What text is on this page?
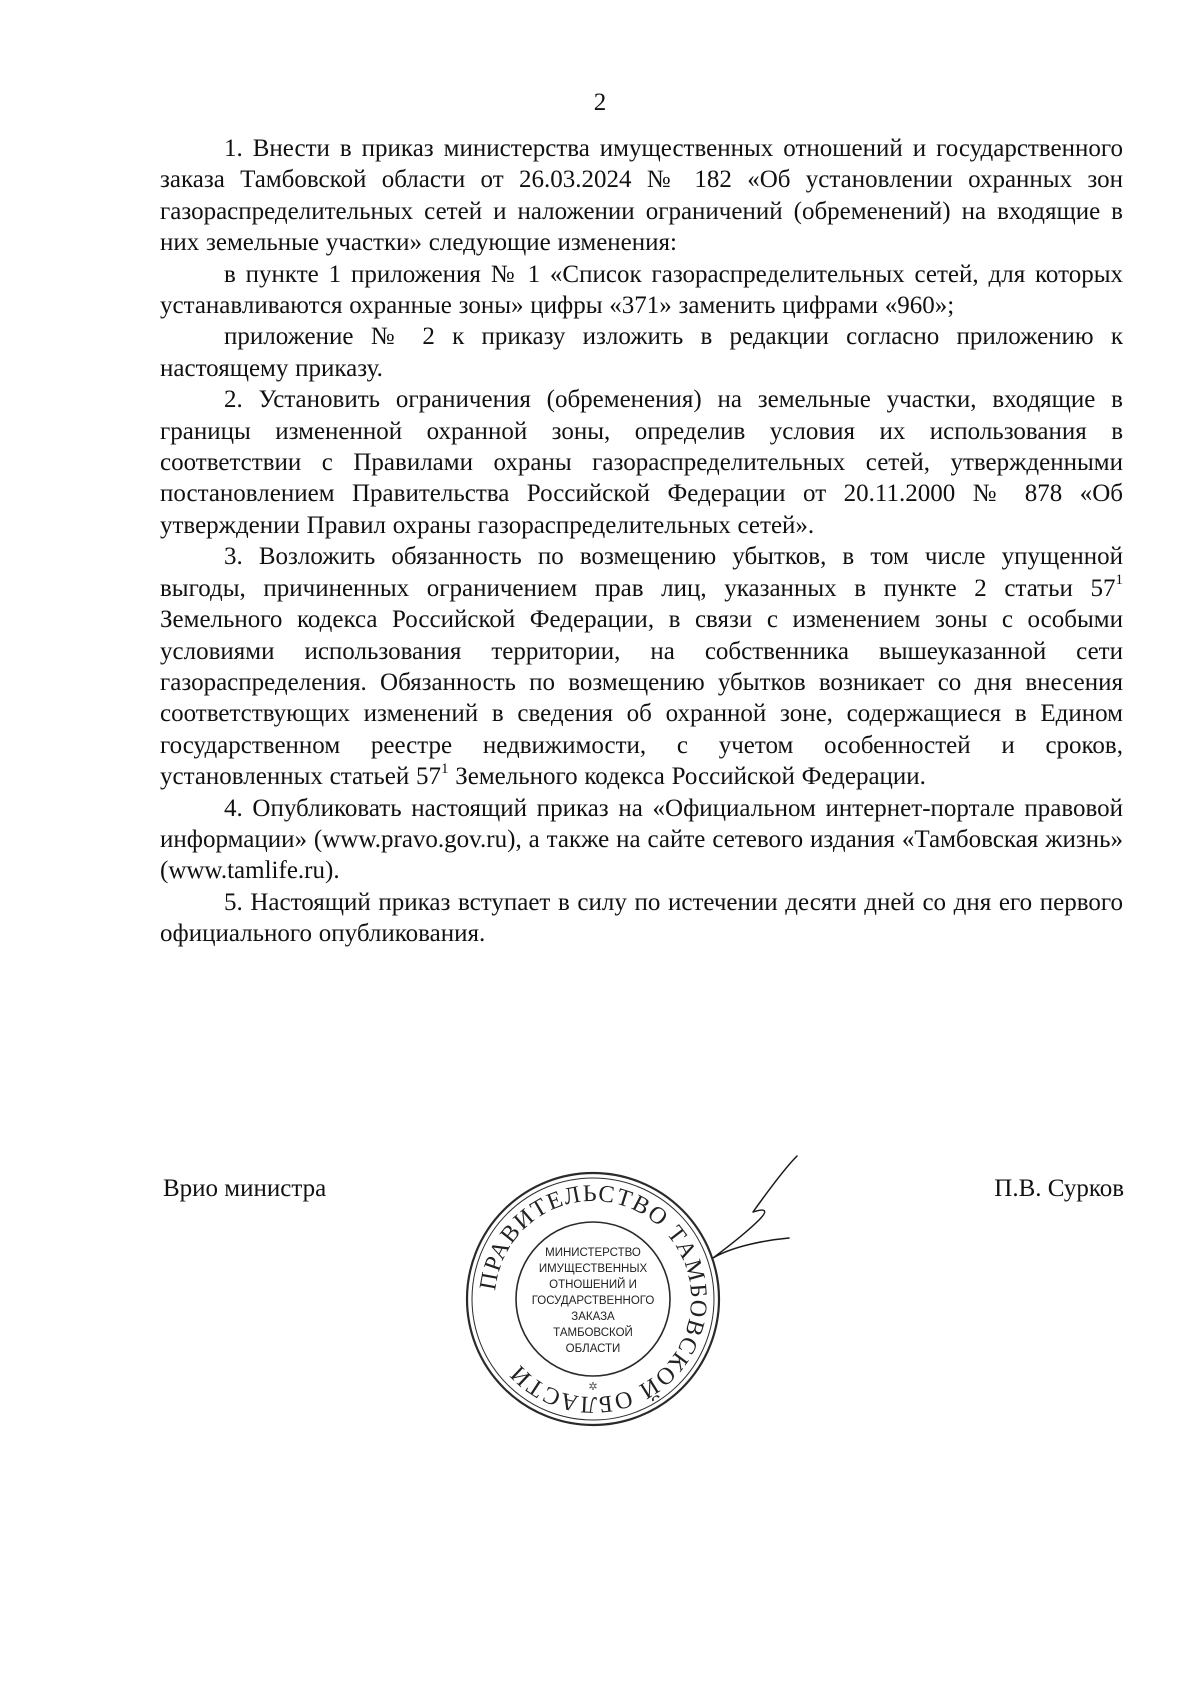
2

1. Внести в приказ министерства имущественных отношений и государственного заказа Тамбовской области от 26.03.2024 № 182 «Об установлении охранных зон газораспределительных сетей и наложении ограничений (обременений) на входящие в них земельные участки» следующие изменения:

в пункте 1 приложения № 1 «Список газораспределительных сетей, для которых устанавливаются охранные зоны» цифры «371» заменить цифрами «960»;

приложение № 2 к приказу изложить в редакции согласно приложению к настоящему приказу.

2. Установить ограничения (обременения) на земельные участки, входящие в границы измененной охранной зоны, определив условия их использования в соответствии с Правилами охраны газораспределительных сетей, утвержденными постановлением Правительства Российской Федерации от 20.11.2000 № 878 «Об утверждении Правил охраны газораспределительных сетей».

3. Возложить обязанность по возмещению убытков, в том числе упущенной выгоды, причиненных ограничением прав лиц, указанных в пункте 2 статьи $57^1$ Земельного кодекса Российской Федерации, в связи с изменением зоны с особыми условиями использования территории, на собственника вышеуказанной сети газораспределения. Обязанность по возмещению убытков возникает со дня внесения соответствующих изменений в сведения об охранной зоне, содержащиеся в Едином государственном реестре недвижимости, с учетом особенностей и сроков, установленных статьей $57^1$ Земельного кодекса Российской Федерации.

4. Опубликовать настоящий приказ на «Официальном интернет-портале правовой информации» (www.pravo.gov.ru), а также на сайте сетевого издания «Тамбовская жизнь» (www.tamlife.ru).

5. Настоящий приказ вступает в силу по истечении десяти дней со дня его первого официального опубликования.

Врио министра	П.В. Сурков
ПРАВИТЕЛЬСТВО ТАМБОВСКОЙ ОБЛАСТИ
МИНИСТЕРСТВО
ИМУЩЕСТВЕННЫХ
ОТНОШЕНИЙ И
ГОСУДАРСТВЕННОГО
ЗАКАЗА
ТАМБОВСКОЙ
ОБЛАСТИ
✲
